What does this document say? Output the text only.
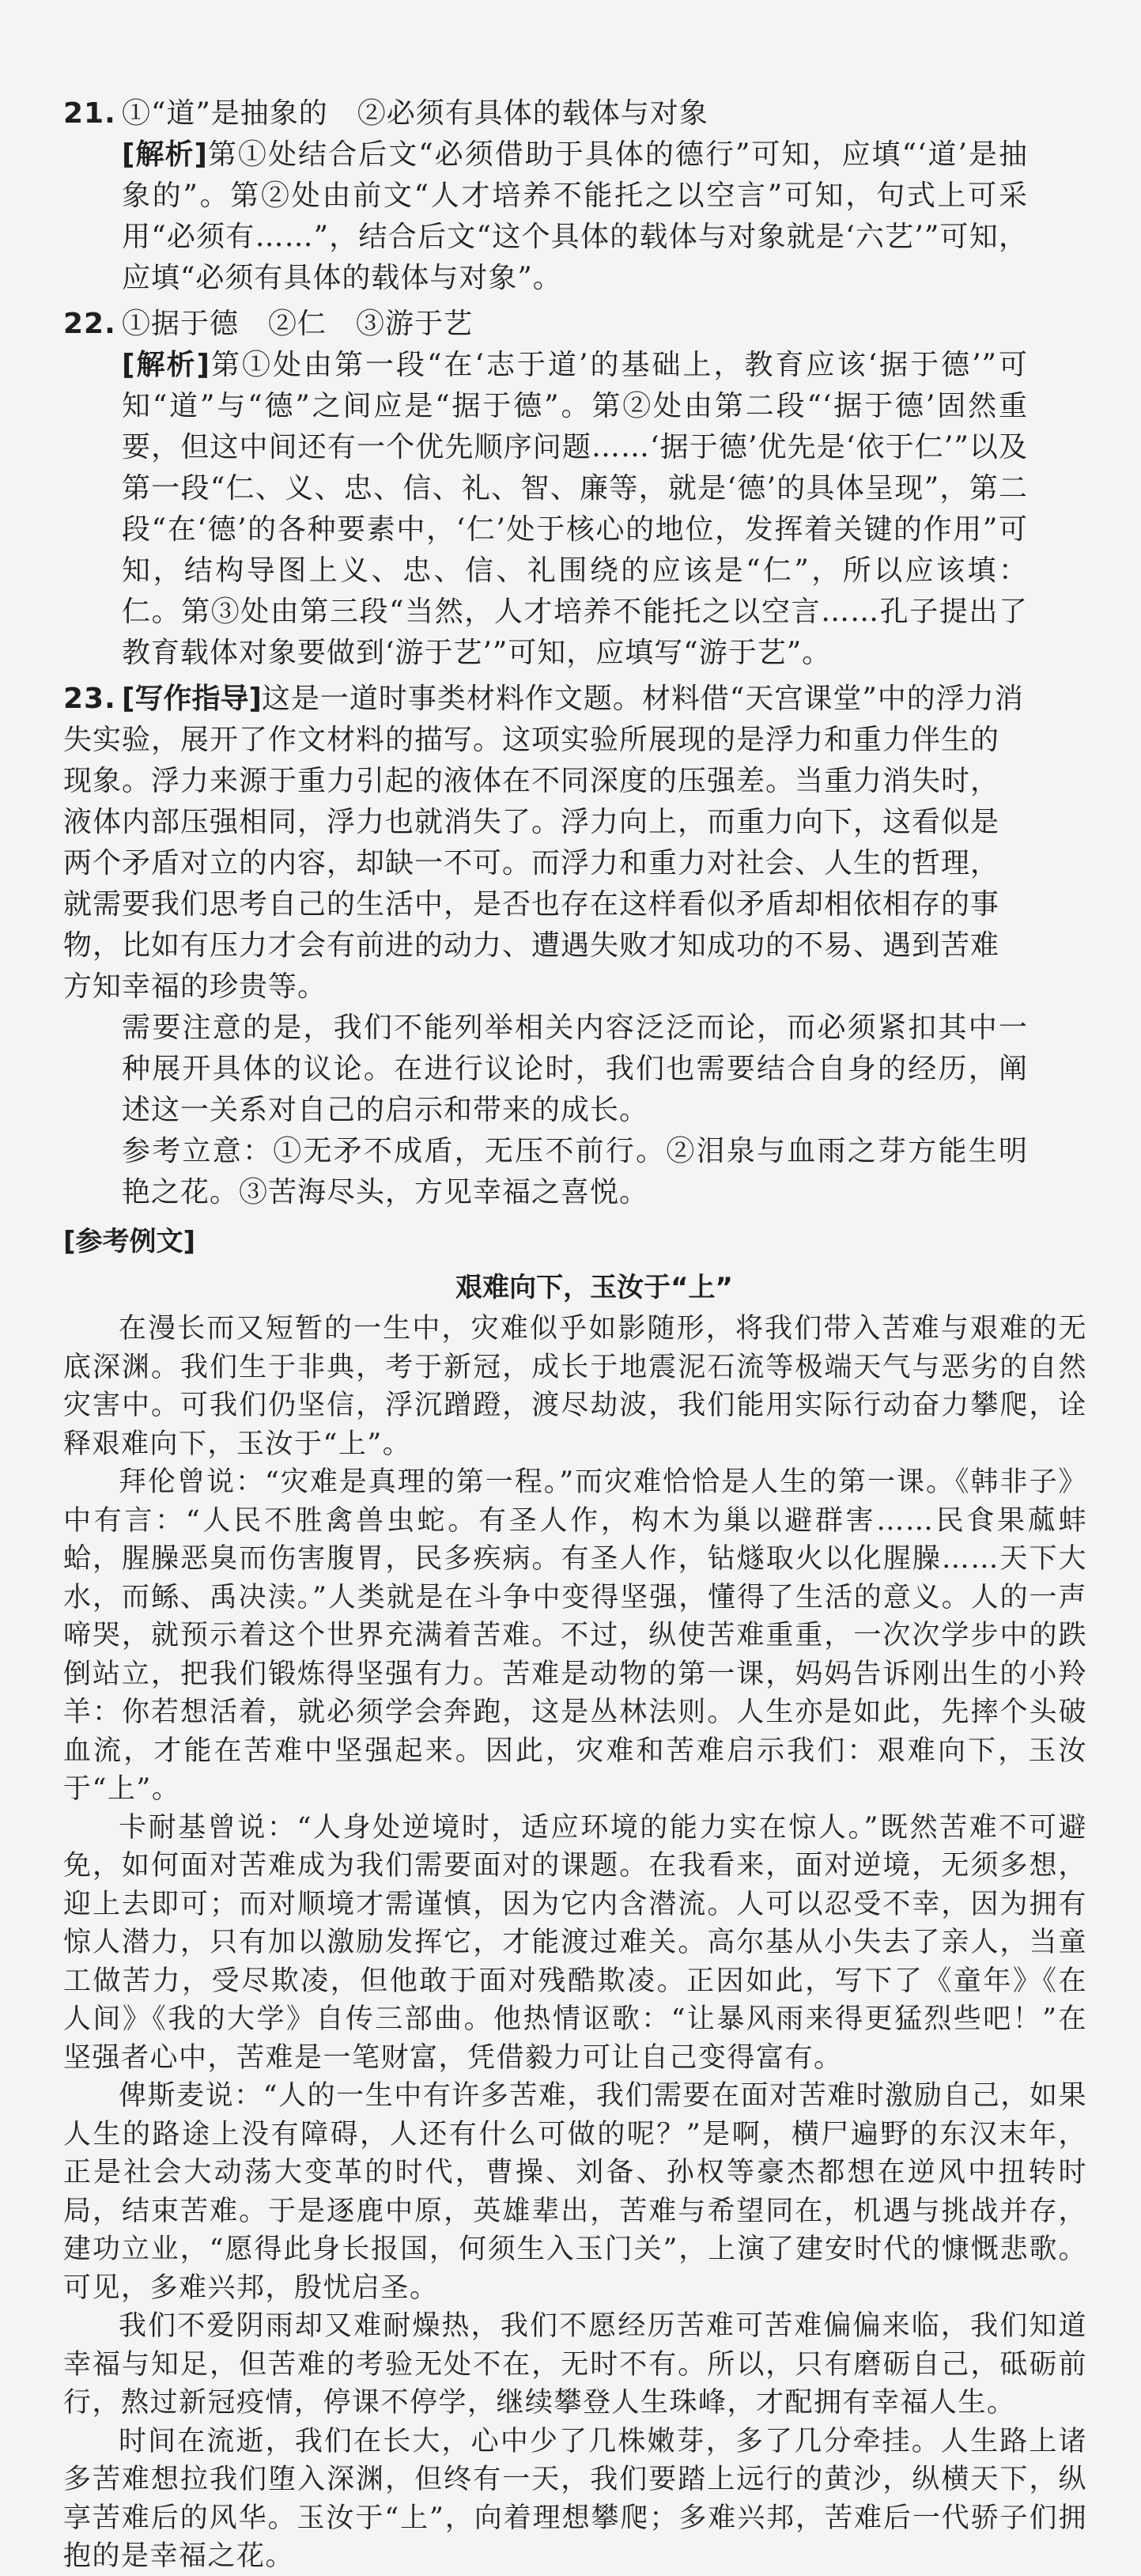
21. ①“道”是抽象的　②必须有具体的载体与对象

[解析]第①处结合后文“必须借助于具体的德行”可知，应填“‘道’是抽象的”。第②处由前文“人才培养不能托之以空言”可知，句式上可采用“必须有……”，结合后文“这个具体的载体与对象就是‘六艺’”可知，应填“必须有具体的载体与对象”。

22. ①据于德　②仁　③游于艺

[解析]第①处由第一段“在‘志于道’的基础上，教育应该‘据于德’”可知“道”与“德”之间应是“据于德”。第②处由第二段“‘据于德’固然重要，但这中间还有一个优先顺序问题……‘据于德’优先是‘依于仁’”以及第一段“仁、义、忠、信、礼、智、廉等，就是‘德’的具体呈现”，第二段“在‘德’的各种要素中，‘仁’处于核心的地位，发挥着关键的作用”可知，结构导图上义、忠、信、礼围绕的应该是“仁”，所以应该填：仁。第③处由第三段“当然，人才培养不能托之以空言……孔子提出了教育载体对象要做到‘游于艺’”可知，应填写“游于艺”。

23. [写作指导]这是一道时事类材料作文题。材料借“天宫课堂”中的浮力消失实验，展开了作文材料的描写。这项实验所展现的是浮力和重力伴生的现象。浮力来源于重力引起的液体在不同深度的压强差。当重力消失时，液体内部压强相同，浮力也就消失了。浮力向上，而重力向下，这看似是两个矛盾对立的内容，却缺一不可。而浮力和重力对社会、人生的哲理，就需要我们思考自己的生活中，是否也存在这样看似矛盾却相依相存的事物，比如有压力才会有前进的动力、遭遇失败才知成功的不易、遇到苦难方知幸福的珍贵等。

需要注意的是，我们不能列举相关内容泛泛而论，而必须紧扣其中一种展开具体的议论。在进行议论时，我们也需要结合自身的经历，阐述这一关系对自己的启示和带来的成长。

参考立意：①无矛不成盾，无压不前行。②泪泉与血雨之芽方能生明艳之花。③苦海尽头，方见幸福之喜悦。

[参考例文]
艰难向下，玉汝于“上”

在漫长而又短暂的一生中，灾难似乎如影随形，将我们带入苦难与艰难的无底深渊。我们生于非典，考于新冠，成长于地震泥石流等极端天气与恶劣的自然灾害中。可我们仍坚信，浮沉蹭蹬，渡尽劫波，我们能用实际行动奋力攀爬，诠释艰难向下，玉汝于“上”。

拜伦曾说：“灾难是真理的第一程。”而灾难恰恰是人生的第一课。《韩非子》中有言：“人民不胜禽兽虫蛇。有圣人作，构木为巢以避群害……民食果蓏蚌蛤，腥臊恶臭而伤害腹胃，民多疾病。有圣人作，钻燧取火以化腥臊……天下大水，而鲧、禹决渎。”人类就是在斗争中变得坚强，懂得了生活的意义。人的一声啼哭，就预示着这个世界充满着苦难。不过，纵使苦难重重，一次次学步中的跌倒站立，把我们锻炼得坚强有力。苦难是动物的第一课，妈妈告诉刚出生的小羚羊：你若想活着，就必须学会奔跑，这是丛林法则。人生亦是如此，先摔个头破血流，才能在苦难中坚强起来。因此，灾难和苦难启示我们：艰难向下，玉汝于“上”。

卡耐基曾说：“人身处逆境时，适应环境的能力实在惊人。”既然苦难不可避免，如何面对苦难成为我们需要面对的课题。在我看来，面对逆境，无须多想，迎上去即可；而对顺境才需谨慎，因为它内含潜流。人可以忍受不幸，因为拥有惊人潜力，只有加以激励发挥它，才能渡过难关。高尔基从小失去了亲人，当童工做苦力，受尽欺凌，但他敢于面对残酷欺凌。正因如此，写下了《童年》《在人间》《我的大学》自传三部曲。他热情讴歌：“让暴风雨来得更猛烈些吧！”在坚强者心中，苦难是一笔财富，凭借毅力可让自己变得富有。

俾斯麦说：“人的一生中有许多苦难，我们需要在面对苦难时激励自己，如果人生的路途上没有障碍，人还有什么可做的呢？”是啊，横尸遍野的东汉末年，正是社会大动荡大变革的时代，曹操、刘备、孙权等豪杰都想在逆风中扭转时局，结束苦难。于是逐鹿中原，英雄辈出，苦难与希望同在，机遇与挑战并存，建功立业，“愿得此身长报国，何须生入玉门关”，上演了建安时代的慷慨悲歌。可见，多难兴邦，殷忧启圣。

我们不爱阴雨却又难耐燥热，我们不愿经历苦难可苦难偏偏来临，我们知道幸福与知足，但苦难的考验无处不在，无时不有。所以，只有磨砺自己，砥砺前行，熬过新冠疫情，停课不停学，继续攀登人生珠峰，才配拥有幸福人生。

时间在流逝，我们在长大，心中少了几株嫩芽，多了几分牵挂。人生路上诸多苦难想拉我们堕入深渊，但终有一天，我们要踏上远行的黄沙，纵横天下，纵享苦难后的风华。玉汝于“上”，向着理想攀爬；多难兴邦，苦难后一代骄子们拥抱的是幸福之花。
